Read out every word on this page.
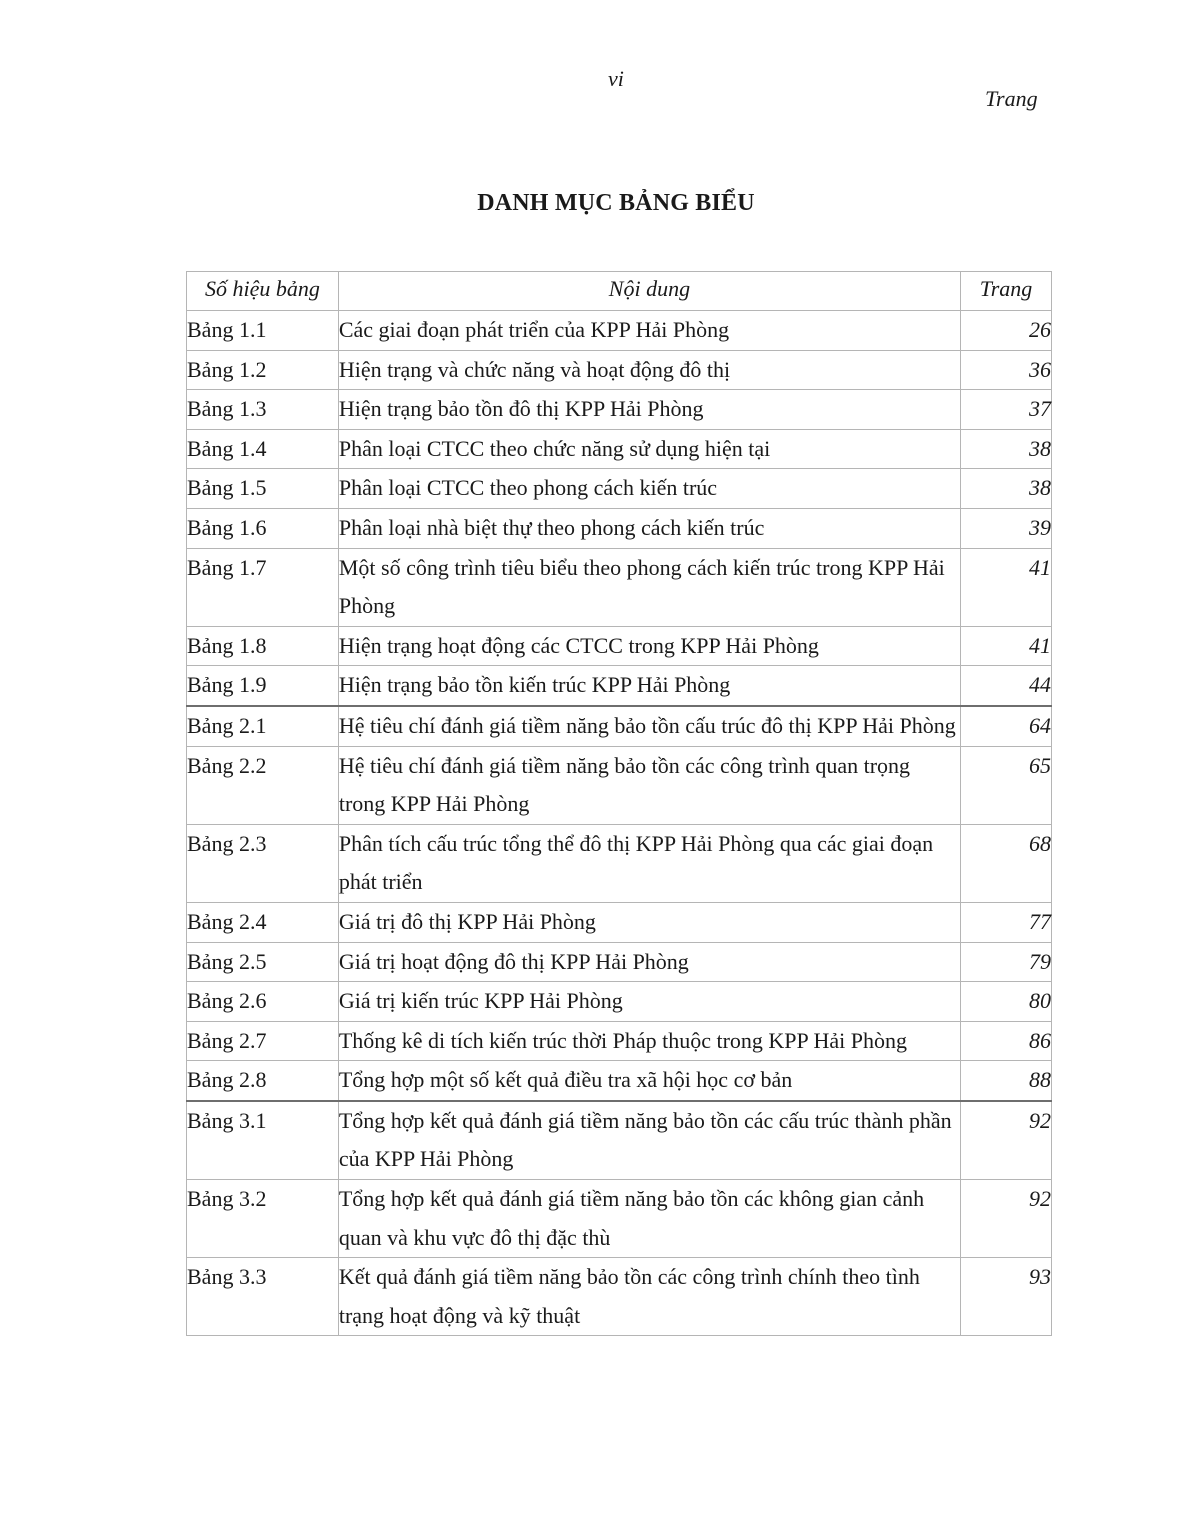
vi
Trang
DANH MỤC BẢNG BIỂU
Số hiệu bảng	Nội dung	Trang
Bảng 1.1	Các giai đoạn phát triển của KPP Hải Phòng	26
Bảng 1.2	Hiện trạng và chức năng và hoạt động đô thị	36
Bảng 1.3	Hiện trạng bảo tồn đô thị KPP Hải Phòng	37
Bảng 1.4	Phân loại CTCC theo chức năng sử dụng hiện tại	38
Bảng 1.5	Phân loại CTCC theo phong cách kiến trúc	38
Bảng 1.6	Phân loại nhà biệt thự theo phong cách kiến trúc	39
Bảng 1.7	Một số công trình tiêu biểu theo phong cách kiến trúc trong KPP Hải Phòng	41
Bảng 1.8	Hiện trạng hoạt động các CTCC trong KPP Hải Phòng	41
Bảng 1.9	Hiện trạng bảo tồn kiến trúc KPP Hải Phòng	44
Bảng 2.1	Hệ tiêu chí đánh giá tiềm năng bảo tồn cấu trúc đô thị KPP Hải Phòng	64
Bảng 2.2	Hệ tiêu chí đánh giá tiềm năng bảo tồn các công trình quan trọng trong KPP Hải Phòng	65
Bảng 2.3	Phân tích cấu trúc tổng thể đô thị KPP Hải Phòng qua các giai đoạn phát triển	68
Bảng 2.4	Giá trị đô thị KPP Hải Phòng	77
Bảng 2.5	Giá trị hoạt động đô thị KPP Hải Phòng	79
Bảng 2.6	Giá trị kiến trúc KPP Hải Phòng	80
Bảng 2.7	Thống kê di tích kiến trúc thời Pháp thuộc trong KPP Hải Phòng	86
Bảng 2.8	Tổng hợp một số kết quả điều tra xã hội học cơ bản	88
Bảng 3.1	Tổng hợp kết quả đánh giá tiềm năng bảo tồn các cấu trúc thành phần của KPP Hải Phòng	92
Bảng 3.2	Tổng hợp kết quả đánh giá tiềm năng bảo tồn các không gian cảnh quan và khu vực đô thị đặc thù	92
Bảng 3.3	Kết quả đánh giá tiềm năng bảo tồn các công trình chính theo tình trạng hoạt động và kỹ thuật	93
